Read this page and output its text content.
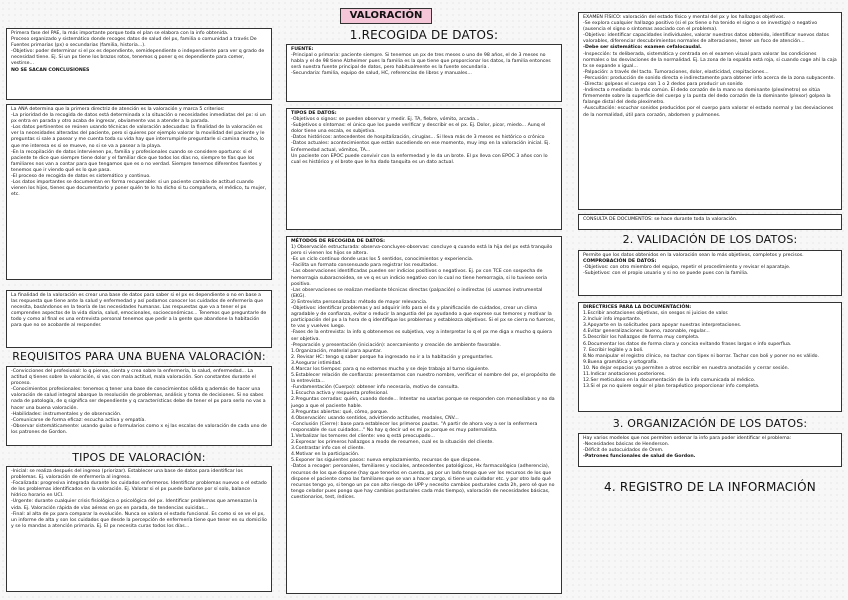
VALORACIÓN

Primera fase del PAE, la más importante porque toda el plan se elabora con la info obtenida.

Proceso organizado y sistemático donde recoges datos de salud del px, familia o comunidad a través De Fuentes primarias (px) o secundarias (familia, historia...).

-Objetivo: poder determinar si el px es dependiente, semidependiente o independiente para ver q grado de necesidad tiene. Ej. Si un px tiene los brazos rotos, tenemos q poner q es dependiente para comer, vestirse...

NO SE SACAN CONCLUSIONES

La ANA determina que la primera directriz de atención es la valoración y marca 5 criterios:

-La prioridad de la recogida de datos está determinada x la situación o necesidades inmediatas del px: si un px entra en parada y otro acaba de ingresar, obviamente vas a atender a la parada.

-Los datos pertinentes se reúnen usando técnicas de valoración adecuadas: la finalidad de la valoración es ver la necesidades alteradas del paciente, pero si quieres por ejemplo valorar la movilidad del paciente y le preguntas si sale a pasear y me cuenta toda su vida hay que interrumpirle preguntarle si camina mucho, lo que me interesa es si se mueve, no si se va a pasear a la playa.

-En la recopilación de datos intervienen px, familia y profesionales cuando se considere oportuno: si el paciente te dice que siempre tiene dolor y el familiar dice que todos los días no, siempre te fías que los familiares nos van a contar para que tengamos que es o no verdad. Siempre tenemos diferentes fuentes y tenemos que ir viendo qué es lo que pasa.

-El proceso de recogida de datos es sistemático y continuo.

-Los datos importantes se documentan en forma recuperable: si un paciente cambia de actitud cuando vienen los hijos, tienes que documentarlo y poner quién te lo ha dicho si tu compañera, el médico, tu mujer, etc.

La finalidad de la valoración es crear una base de datos para saber si el px es dependiente o no en base a las respuesta que tiene ante la salud y enfermedad y así podamos conocer los cuidados de enfermería que necesita, basándonos en la teoría de las necesidades humanas. Las respuestas que va a tener el px comprenden aspectos de la vida diaria, salud, emocionales, socioeconómicas... Tenemos que preguntarle de todo y como al final es una entrevista personal tenemos que pedir a la gente que abandone la habitación para que no se acobarde al responder.

REQUISITOS PARA UNA BUENA VALORACIÓN:

-Convicciones del profesional: lo q piense, sienta y crea sobre la enfermería, la salud, enfermedad... La actitud q tienes sobre la valoración, si vas con mala actitud, mala valoración. Son constantes durante el proceso.

-Conocimientos profesionales: tenemos q tener una base de conocimientos sólida q además de hacer una valoración de salud integral abarque la resolución de problemas, análisis y toma de decisiones. Si no sabes nada de patología, de q significa ser dependiente y q características debe de tener el px para serlo no vas a hacer una buena valoración.

-Habilidades: instrumentales y de observación.

-Comunicarse de forma eficaz: escucha activa y empatía.

-Observar sistemáticamente: usando guías o formularios como x ej las escalas de valoración de cada uno de los patrones de Gordon.

TIPOS DE VALORACIÓN:

-Inicial: se realiza después del ingreso (priorizar). Establecer una base de datos para identificar los problemas. Ej. valoración de enfermería al ingreso.

-Focalizada: progresiva integrada durante los cuidados enfermeros. Identificar problemas nuevos o el estado de los problemas identificados en la valoración. Ej. Valorar si el px puede bañarse por sí solo, balance hídrico horario en UCI.

-Urgente: durante cualquier crisis fisiológica o psicológica del px. Identificar problemas que amenazan la vida. Ej. Valoración rápida de vías aéreas en px en parada, de tendencias suicidas...

-Final: al alta de px para comparar la evolución. Nunca se valora el estado funcional. Es como si se ve el px, un informe de alta y son los cuidados que desde la percepción de enfermería tiene que tener en su domicilio y se lo mandas a atención primaria. Ej. El px necesita curas todos los días...

1.RECOGIDA DE DATOS:

FUENTE:

-Principal o primaria: paciente siempre. Si tenemos un px de tres meses o uno de 98 años, el de 3 meses no habla y el de 98 tiene Alzheimer pues la familia es la que tiene que proporcionar los datos, la familia entonces será nuestra fuente principal de datos, pero habitualmente es la fuente secundaria .

-Secundaria: familia, equipo de salud, HC, referencias de libros y manuales...

TIPOS DE DATOS:

-Objetivos o signos: se pueden observar y medir. Ej. TA, fiebre, vómito, arcada...

-Subjetivos o síntomas: el único que los puede verificar y describir es el px. Ej. Dolor, picor, miedo... Aunq el dolor tiene una escala, es subjetiva.

-Datos históricos: antecedentes de hospitalización, cirugías... Si lleva más de 3 meses es histórico o crónico

-Datos actuales: acontecimientos que están sucediendo en ese momento, muy imp en la valoración inicial. Ej. Enfermedad actual, vómitos, TA...

Un paciente con EPOC puede convivir con la enfermedad y le da un brote. El px lleva con EPOC 3 años con lo cual es histórico y el brote que le ha dado tanquita es un dato actual.

MÉTODOS DE RECOGIDA DE DATOS:

1) Observación estructurada: observa-concluyes-observas: concluye q cuando está la hija del px está tranquilo pero si vienen los hijos se altera.

-Es un ciclo continuo donde usas los 5 sentidos, conocimientos y experiencia.

-Facilita un formato consensuado para registrar los resultados.

-Las observaciones identificadas pueden ser indicios positivos o negativos. Ej. px con TCE con sospecha de hemorragia subaracnoidea, se ve q es un indicio negativo con lo cual no tiene hemorragia, si lo tuviese sería positivo.

-Las observaciones se realizan mediante técnicas directas (palpación) o indirectas (si usamos instrumental (EKG).

2) Entrevista personalizada: método de mayor relevancia.

-Objetivos: identificar problemas y así adquirir info para el dx y planificación de cuidados, crear un clima agradable y de confianza, evitar o reducir la angustia del px ayudando a que exprese sus temores y motivar la participación del px a la hora de q identifique los problemas y establezca objetivos. Si el px se cierra no fuerces, te vas y vuelves luego.

-Fases de la entrevista: la info q obtenemos es subjetiva, voy a interpretar lo q el px me diga x mucho q quiera ser objetiva.

-Preparación y presentación (iniciación): acercamiento y creación de ambiente favorable.

1.Organización, material para apuntar.

2. Revisar HC: tengo q saber porque ha ingresado no ir a la habitación y preguntarles.

3.Asegurar intimidad.

4.Marcar los tiempos: para q no estemos mucho y se deje trabajo al turno siguiente.

5.Establecer relación de confianza: presentarnos con nuestro nombre, verificar el nombre del px, el propósito de la entrevista...

-Fundamentación (Cuerpo): obtener info necesaria, motivo de consulta.

1.Escucha activa y respuesta profesional.

2.Preguntas cerradas: quién, cuando donde... Intentar no usarlas porque se responden con monosílabos y no da juego a que el paciente hable.

3.Preguntas abiertas: qué, cómo, porque.

4.Observación: usando sentidos, advirtiendo actitudes, modales, CNV...

-Conclusión (Cierre): base para establecer los primeros pautas. "A partir de ahora voy a ser la enfermera responsable de sus cuidados..." No hay q decir ud es mi px porque es muy paternalista.

1.Verbalizar los temores del cliente: veo q está preocupado...

2.Expresar los primeros hallazgos a modo de resumen, cual es la situación del cliente.

3.Contrastar info con el cliente.

4.Motivar en la participación.

5.Exponer las siguientes pasos: nueva emplazamiento, recursos de que dispone.

-Datos a recoger: personales, familiares y sociales, antecedentes patológicos, Hx farmacológico (adherencia), recursos de los que dispone (hay que tenerlos en cuenta, pq por un lado tengo que ver los recursos de los que dispone el paciente como las familiares que se van a hacer cargo, si tiene un cuidador etc. y por otro lado qué recursos tengo yo, si tengo un px con alto riesgo de UPP y necesito cambios posturales cada 2h, pero sé que no tengo celador pues pongo que hay cambios posturales cada más tiempo), valoración de necesidades básicas, cuestionarios, test, índices.

EXAMEN FÍSICO: valoración del estado físico y mental del px y los hallazgos objetivos.

-Se explora cualquier hallazgo positivo (si el px tiene o ha tenido el signo o se investiga) o negativo (ausencia el signo o síntomas asociado con el problema).

-Objetivo: identificar capacidades individuales, valorar nuestros datos obtenido, identificar nuevos datos valorables, diferenciar descubrimientos normales de alteraciones, tener un foco de atención...

-Debe ser sistemático: examen cefalocaudal.

-Inspección: tx deliberada, sistemática y centrada en el examen visual para valorar las condiciones normales o las desviaciones de la normalidad. Ej. La zona de la espalda está roja, si cuando coge ahí la caja tx se expande x igual...

-Palpación: a través del tacto. Tumoraciones, dolor, elasticidad, crepitaciones...

-Percusión: producción de sonido directa e indirectamente para obtener info acerca de la zona subyacente.

-Directa: golpeas el cuerpo con 1 o 2 dedos para producir un sonido

-Indirecta o mediada: la más común. El dedo corazón de la mano no dominante (plexímetro) se sitúa firmemente sobre la superficie del cuerpo y la punta del dedo corazón de la dominante (plexor) golpea la falange distal del dedo plexímetro.

-Auscultación: escuchar sonidos producidos por el cuerpo para valorar el estado normal y las desviaciones de la normalidad, útil para corazón, abdomen y pulmones.

CONSULTA DE DOCUMENTOS: se hace durante toda la valoración.

2. VALIDACIÓN DE LOS DATOS:

Permite que los datos obtenidos en la valoración sean lo más objetivos, completos y precisos.

COMPROBACIÓN DE DATOS:

-Objetivos: con otro miembro del equipo, repetir el procedimiento y revisar el aparataje.

-Subjetivos: con el propio usuario y si no se puede pues con la familia.

DIRECTRICES PARA LA DOCUMENTACIÓN:

1.Escribir anotaciones objetivas, sin sesgos ni juicios de valor.

2.Incluir info importante.

3.Apoyarte en la solicitudes para apoyar nuestras interpretaciones.

4.Evitar generalizaciones: bueno, razonable, regular...

5.Describir los hallazgos de forma muy completa.

6.Documentar los datos de forma clara y concisa evitando frases largas e info superflua.

7. Escribir legible y a boli.

8.No manipular el registro clínico, no tachar con tipex ni borrar. Tachar con boli y poner no es válido.

9.Buena gramática y ortografía.

10. No dejar espacios ya permiten a otros escribir en nuestra anotación y cerrar sesión.

11.Indicar anotaciones posteriores.

12.Ser meticuloso en la documentación de la info comunicada al médico.

13.Si el px no quiere seguir el plan terapéutico proporcionar info completa.

3. ORGANIZACIÓN DE LOS DATOS:

Hay varios modelos que nos permiten ordenar la info para poder identificar el problema:

-Necesidades básicas de Henderson.

-Déficit de autocuidados de Orem.

-Patrones funcionales de salud de Gordon.

4. REGISTRO DE LA INFORMACIÓN
